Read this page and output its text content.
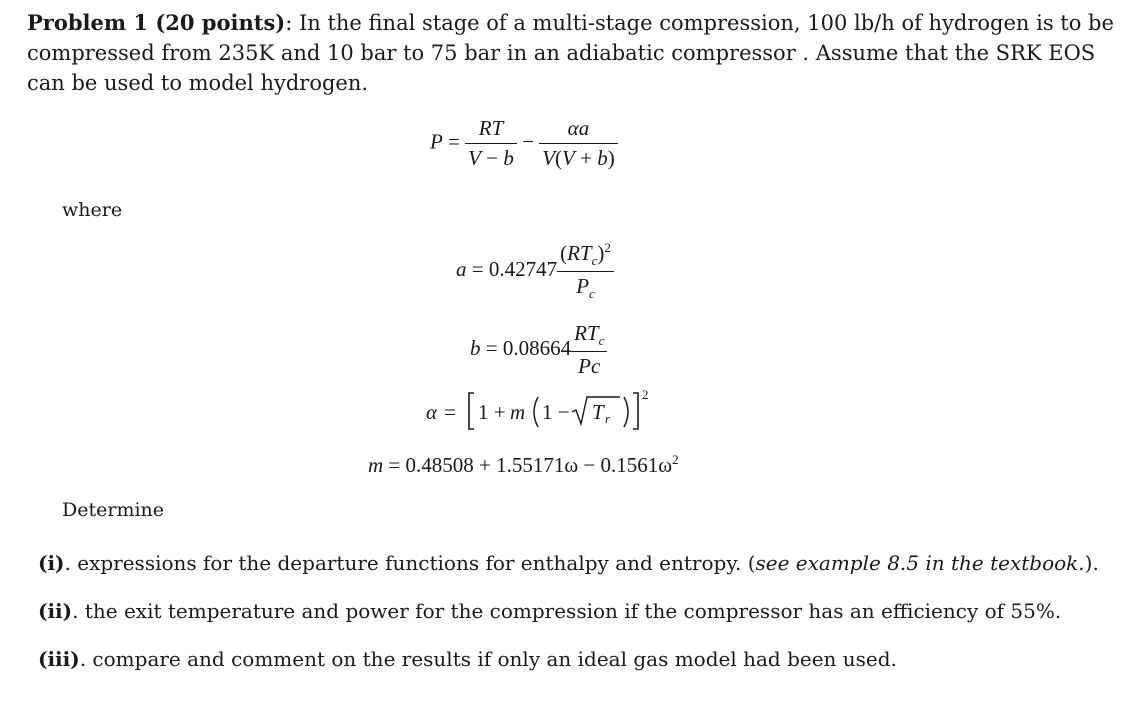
Problem 1 (20 points): In the final stage of a multi-stage compression, 100 lb/h of hydrogen is to be compressed from 235K and 10 bar to 75 bar in an adiabatic compressor . Assume that the SRK EOS can be used to model hydrogen.
$P = \frac{RT}{V - b} - \frac{\alpha a}{V(V + b)}$
where
$a = 0.42747 \frac{(RT_c)^2}{P_c}$
$b = 0.08664 \frac{RT_c}{Pc}$
α = 1 + m 1 − T r
2
$m = 0.48508 + 1.55171\omega - 0.1561\omega^2$
Determine
(i). expressions for the departure functions for enthalpy and entropy. (see example 8.5 in the textbook.).
(ii). the exit temperature and power for the compression if the compressor has an efficiency of 55%.
(iii). compare and comment on the results if only an ideal gas model had been used.
